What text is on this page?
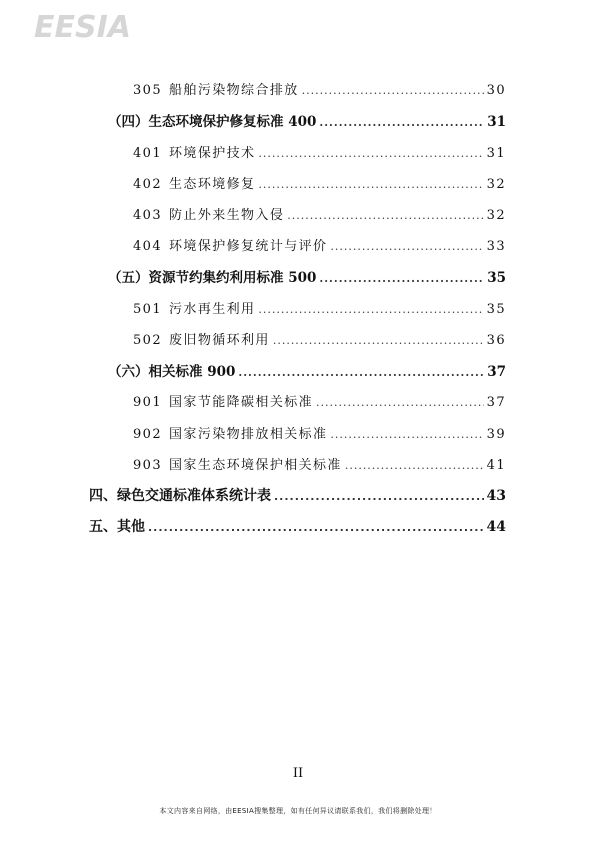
EESIA
305 船舶污染物综合排放 .....	30
（四）生态环境保护修复标准 400 .....	31
401 环境保护技术 .....	31
402 生态环境修复 .....	32
403 防止外来生物入侵 .....	32
404 环境保护修复统计与评价 .....	33
（五）资源节约集约利用标准 500 .....	35
501 污水再生利用 .....	35
502 废旧物循环利用 .....	36
（六）相关标准 900 .....	37
901 国家节能降碳相关标准 .....	37
902 国家污染物排放相关标准 .....	39
903 国家生态环境保护相关标准 .....	41
四、绿色交通标准体系统计表 .....	43
五、其他 .....	44
II
本文内容来自网络，由EESIA搜集整理，如有任何异议请联系我们，我们将删除处理！
